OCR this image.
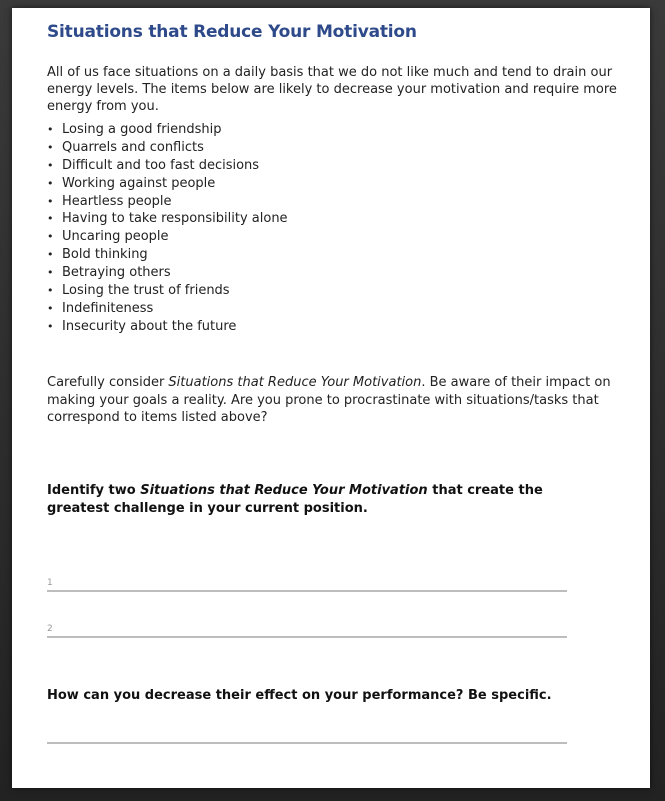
Situations that Reduce Your Motivation
All of us face situations on a daily basis that we do not like much and tend to drain our energy levels. The items below are likely to decrease your motivation and require more energy from you.
• Losing a good friendship
• Quarrels and conflicts
• Difficult and too fast decisions
• Working against people
• Heartless people
• Having to take responsibility alone
• Uncaring people
• Bold thinking
• Betraying others
• Losing the trust of friends
• Indefiniteness
• Insecurity about the future
Carefully consider Situations that Reduce Your Motivation. Be aware of their impact on making your goals a reality. Are you prone to procrastinate with situations/tasks that correspond to items listed above?
Identify two Situations that Reduce Your Motivation that create the greatest challenge in your current position.
1
2
How can you decrease their effect on your performance? Be specific.
